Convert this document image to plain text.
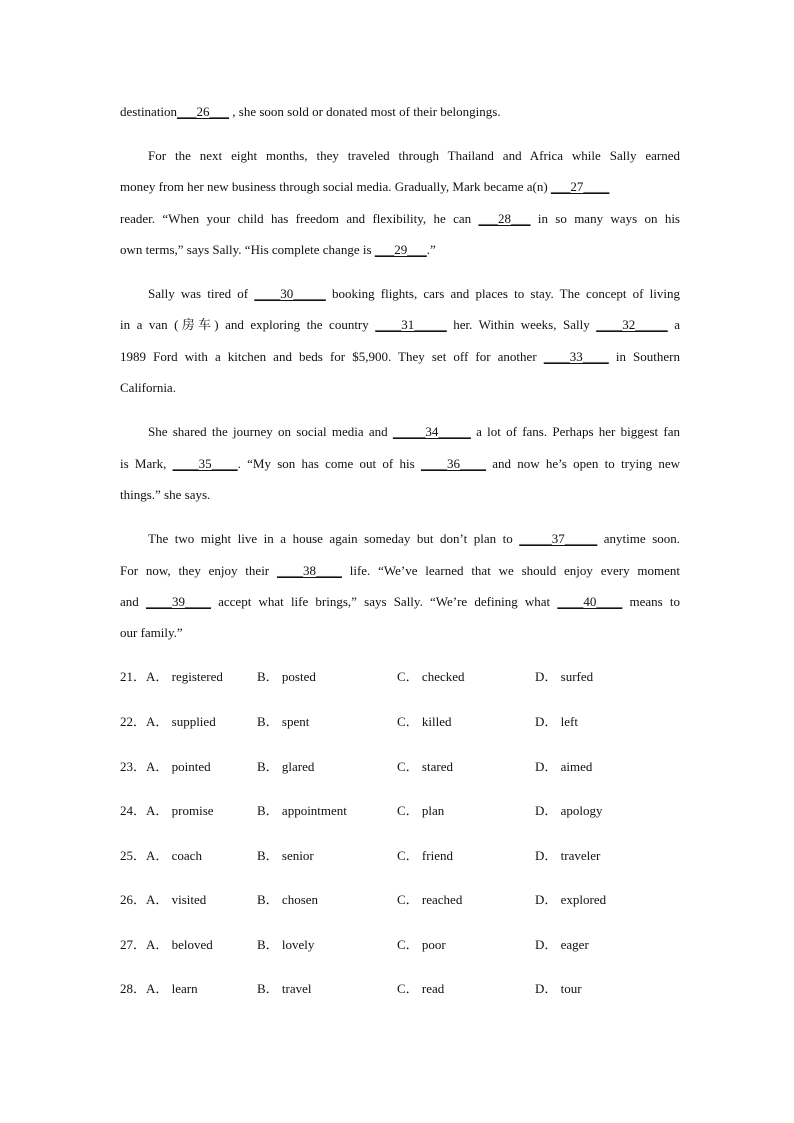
destination___26___ , she soon sold or donated most of their belongings.
For the next eight months, they traveled through Thailand and Africa while Sally earned
money from her new business through social media. Gradually, Mark became a(n) ___27____
reader. “When your child has freedom and flexibility, he can ___28___ in so many ways on his
own terms,” says Sally. “His complete change is ___29___.”
Sally was tired of ____30_____ booking flights, cars and places to stay. The concept of living
in a van (房车) and exploring the country ____31_____ her. Within weeks, Sally ____32_____ a
1989 Ford with a kitchen and beds for $5,900. They set off for another ____33____ in Southern
California.
She shared the journey on social media and _____34_____ a lot of fans. Perhaps her biggest fan
is Mark, ____35____. “My son has come out of his ____36____ and now he’s open to trying new
things.” she says.
The two might live in a house again someday but don’t plan to _____37_____ anytime soon.
For now, they enjoy their ____38____ life. “We’ve learned that we should enjoy every moment
and ____39____ accept what life brings,” says Sally. “We’re defining what ____40____ means to
our family.”
21． A． registered	B． posted	C． checked	D． surfed
22． A． supplied	B． spent	C． killed	D． left
23． A． pointed	B． glared	C． stared	D． aimed
24． A． promise	B． appointment	C． plan	D． apology
25． A． coach	B． senior	C． friend	D． traveler
26． A． visited	B． chosen	C． reached	D． explored
27． A． beloved	B． lovely	C． poor	D． eager
28． A． learn	B． travel	C． read	D． tour
